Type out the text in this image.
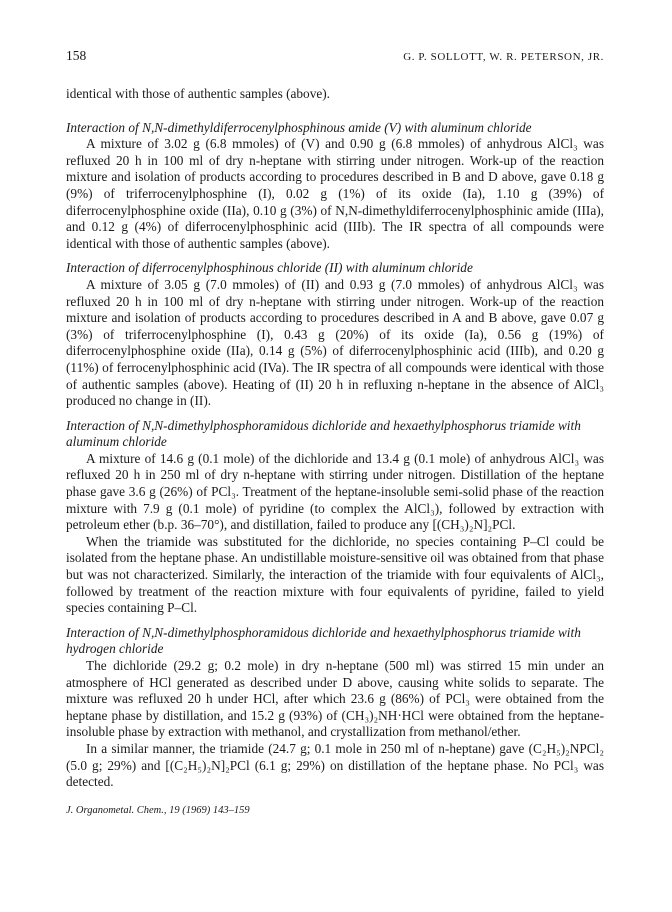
158	G. P. SOLLOTT, W. R. PETERSON, JR.

identical with those of authentic samples (above).

Interaction of N,N-dimethyldiferrocenylphosphinous amide (V) with aluminum chloride

A mixture of 3.02 g (6.8 mmoles) of (V) and 0.90 g (6.8 mmoles) of anhydrous AlCl₃ was refluxed 20 h in 100 ml of dry n-heptane with stirring under nitrogen. Work-up of the reaction mixture and isolation of products according to procedures described in B and D above, gave 0.18 g (9%) of triferrocenylphosphine (I), 0.02 g (1%) of its oxide (Ia), 1.10 g (39%) of diferrocenylphosphine oxide (IIa), 0.10 g (3%) of N,N-dimethyldiferrocenylphosphinic amide (IIIa), and 0.12 g (4%) of diferrocenylphosphinic acid (IIIb). The IR spectra of all compounds were identical with those of authentic samples (above).

Interaction of diferrocenylphosphinous chloride (II) with aluminum chloride

A mixture of 3.05 g (7.0 mmoles) of (II) and 0.93 g (7.0 mmoles) of anhydrous AlCl₃ was refluxed 20 h in 100 ml of dry n-heptane with stirring under nitrogen. Work-up of the reaction mixture and isolation of products according to procedures described in A and B above, gave 0.07 g (3%) of triferrocenylphosphine (I), 0.43 g (20%) of its oxide (Ia), 0.56 g (19%) of diferrocenylphosphine oxide (IIa), 0.14 g (5%) of diferrocenylphosphinic acid (IIIb), and 0.20 g (11%) of ferrocenylphosphinic acid (IVa). The IR spectra of all compounds were identical with those of authentic samples (above). Heating of (II) 20 h in refluxing n-heptane in the absence of AlCl₃ produced no change in (II).

Interaction of N,N-dimethylphosphoramidous dichloride and hexaethylphosphorus triamide with aluminum chloride

A mixture of 14.6 g (0.1 mole) of the dichloride and 13.4 g (0.1 mole) of anhydrous AlCl₃ was refluxed 20 h in 250 ml of dry n-heptane with stirring under nitrogen. Distillation of the heptane phase gave 3.6 g (26%) of PCl₃. Treatment of the heptane-insoluble semi-solid phase of the reaction mixture with 7.9 g (0.1 mole) of pyridine (to complex the AlCl₃), followed by extraction with petroleum ether (b.p. 36–70°), and distillation, failed to produce any [(CH₃)₂N]₂PCl.

When the triamide was substituted for the dichloride, no species containing P–Cl could be isolated from the heptane phase. An undistillable moisture-sensitive oil was obtained from that phase but was not characterized. Similarly, the interaction of the triamide with four equivalents of AlCl₃, followed by treatment of the reaction mixture with four equivalents of pyridine, failed to yield species containing P–Cl.

Interaction of N,N-dimethylphosphoramidous dichloride and hexaethylphosphorus triamide with hydrogen chloride

The dichloride (29.2 g; 0.2 mole) in dry n-heptane (500 ml) was stirred 15 min under an atmosphere of HCl generated as described under D above, causing white solids to separate. The mixture was refluxed 20 h under HCl, after which 23.6 g (86%) of PCl₃ were obtained from the heptane phase by distillation, and 15.2 g (93%) of (CH₃)₂NH·HCl were obtained from the heptane-insoluble phase by extraction with methanol, and crystallization from methanol/ether.

In a similar manner, the triamide (24.7 g; 0.1 mole in 250 ml of n-heptane) gave (C₂H₅)₂NPCl₂ (5.0 g; 29%) and [(C₂H₅)₂N]₂PCl (6.1 g; 29%) on distillation of the heptane phase. No PCl₃ was detected.

J. Organometal. Chem., 19 (1969) 143–159
